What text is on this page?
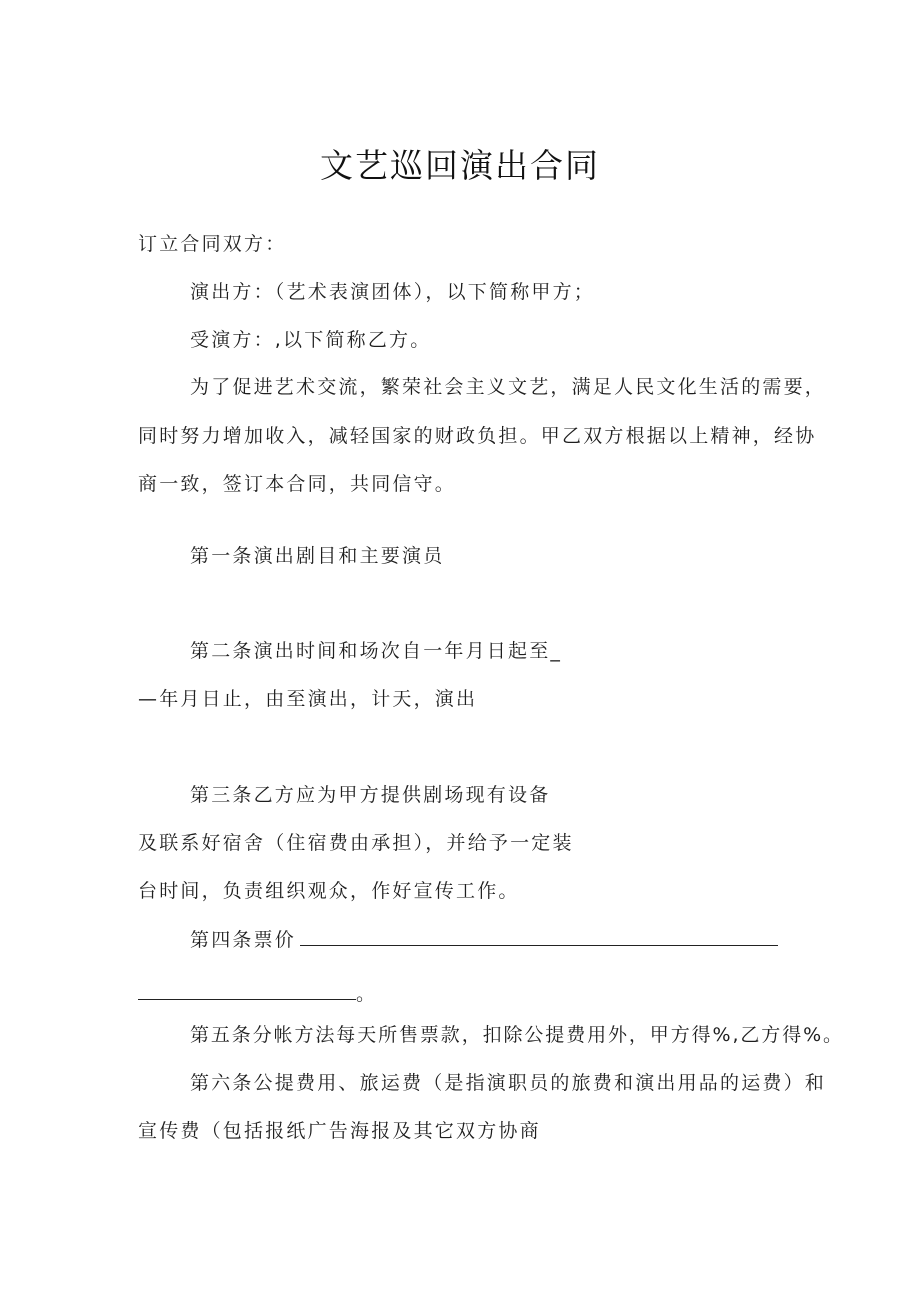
文艺巡回演出合同
订立合同双方：
演出方：（艺术表演团体），以下简称甲方；
受演方：,以下简称乙方。
为了促进艺术交流，繁荣社会主义文艺，满足人民文化生活的需要，
同时努力增加收入，减轻国家的财政负担。甲乙双方根据以上精神，经协
商一致，签订本合同，共同信守。
第一条演出剧目和主要演员
第二条演出时间和场次自一年月日起至_
—年月日止，由至演出，计天，演出
第三条乙方应为甲方提供剧场现有设备
及联系好宿舍（住宿费由承担），并给予一定装
台时间，负责组织观众，作好宣传工作。
第四条票价
。
第五条分帐方法每天所售票款，扣除公提费用外，甲方得%,乙方得%。
第六条公提费用、旅运费（是指演职员的旅费和演出用品的运费）和
宣传费（包括报纸广告海报及其它双方协商
